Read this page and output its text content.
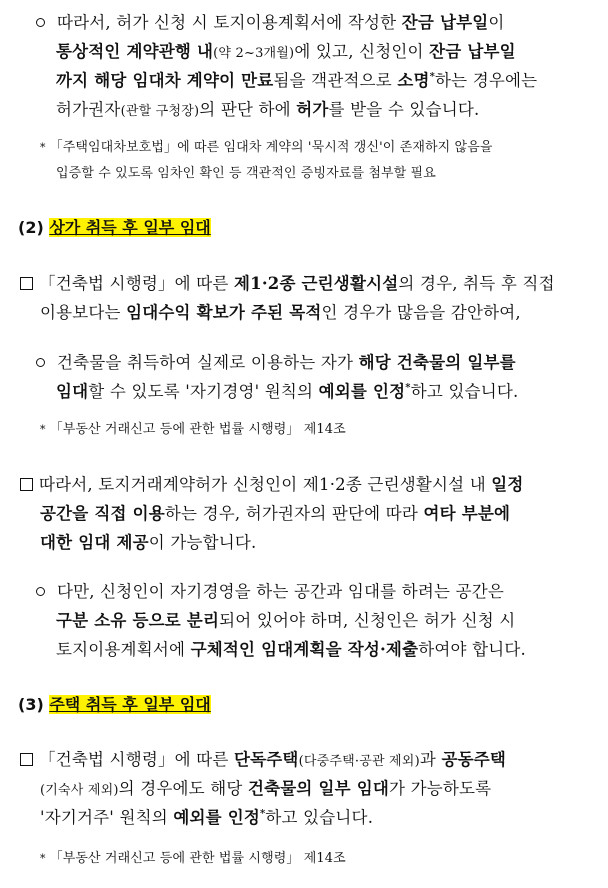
따라서, 허가 신청 시 토지이용계획서에 작성한 잔금 납부일이
통상적인 계약관행 내(약 2~3개월)에 있고, 신청인이 잔금 납부일
까지 해당 임대차 계약이 만료됨을 객관적으로 소명*하는 경우에는
허가권자(관할 구청장)의 판단 하에 허가를 받을 수 있습니다.
* 「주택임대차보호법」에 따른 임대차 계약의 '묵시적 갱신'이 존재하지 않음을
입증할 수 있도록 임차인 확인 등 객관적인 증빙자료를 첨부할 필요
(2) 상가 취득 후 일부 임대
「건축법 시행령」에 따른 제1·2종 근린생활시설의 경우, 취득 후 직접
이용보다는 임대수익 확보가 주된 목적인 경우가 많음을 감안하여,
건축물을 취득하여 실제로 이용하는 자가 해당 건축물의 일부를
임대할 수 있도록 '자기경영' 원칙의 예외를 인정*하고 있습니다.
* 「부동산 거래신고 등에 관한 법률 시행령」 제14조
따라서, 토지거래계약허가 신청인이 제1·2종 근린생활시설 내 일정
공간을 직접 이용하는 경우, 허가권자의 판단에 따라 여타 부분에
대한 임대 제공이 가능합니다.
다만, 신청인이 자기경영을 하는 공간과 임대를 하려는 공간은
구분 소유 등으로 분리되어 있어야 하며, 신청인은 허가 신청 시
토지이용계획서에 구체적인 임대계획을 작성·제출하여야 합니다.
(3) 주택 취득 후 일부 임대
「건축법 시행령」에 따른 단독주택(다중주택·공관 제외)과 공동주택
(기숙사 제외)의 경우에도 해당 건축물의 일부 임대가 가능하도록
'자기거주' 원칙의 예외를 인정*하고 있습니다.
* 「부동산 거래신고 등에 관한 법률 시행령」 제14조
